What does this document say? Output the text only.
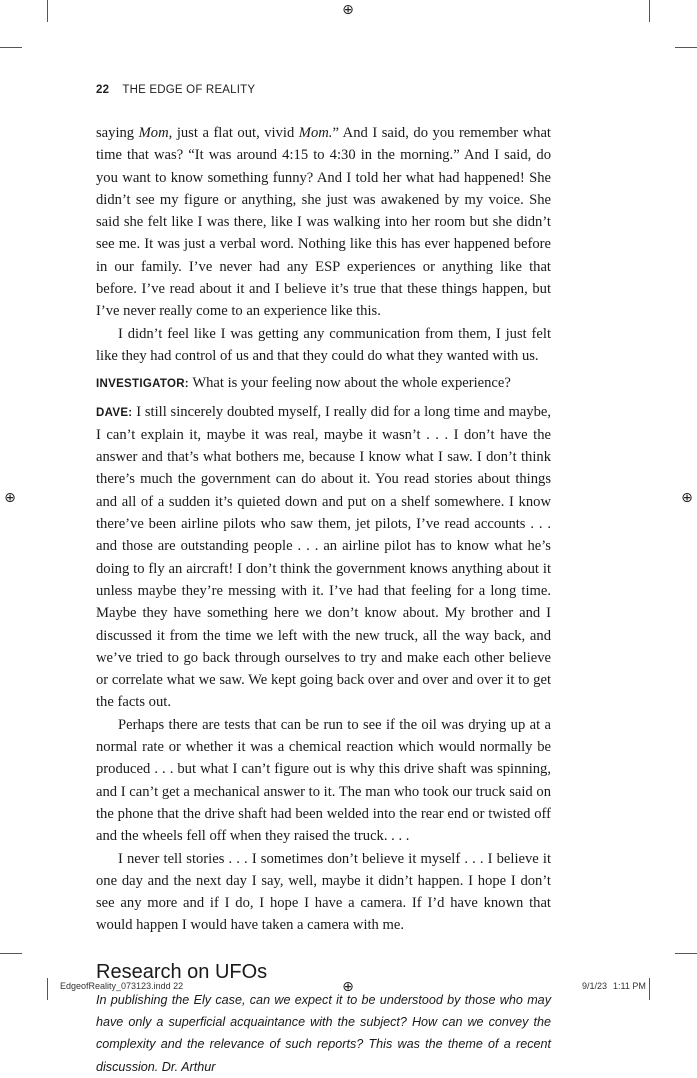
⊕
⊕	⊕
⊕
22 THE EDGE OF REALITY

saying Mom, just a flat out, vivid Mom.” And I said, do you remember what time that was? “It was around 4:15 to 4:30 in the morning.” And I said, do you want to know something funny? And I told her what had happened! She didn’t see my figure or anything, she just was awakened by my voice. She said she felt like I was there, like I was walking into her room but she didn’t see me. It was just a verbal word. Nothing like this has ever happened before in our family. I’ve never had any ESP experiences or anything like that before. I’ve read about it and I believe it’s true that these things happen, but I’ve never really come to an experience like this.

I didn’t feel like I was getting any communication from them, I just felt like they had control of us and that they could do what they wanted with us.

INVESTIGATOR: What is your feeling now about the whole experience?

DAVE: I still sincerely doubted myself, I really did for a long time and maybe, I can’t explain it, maybe it was real, maybe it wasn’t . . . I don’t have the answer and that’s what bothers me, because I know what I saw. I don’t think there’s much the government can do about it. You read stories about things and all of a sudden it’s quieted down and put on a shelf somewhere. I know there’ve been airline pilots who saw them, jet pilots, I’ve read accounts . . . and those are outstanding people . . . an airline pilot has to know what he’s doing to fly an aircraft! I don’t think the government knows anything about it unless maybe they’re messing with it. I’ve had that feeling for a long time. Maybe they have something here we don’t know about. My brother and I discussed it from the time we left with the new truck, all the way back, and we’ve tried to go back through ourselves to try and make each other believe or correlate what we saw. We kept going back over and over and over it to get the facts out.

Perhaps there are tests that can be run to see if the oil was drying up at a normal rate or whether it was a chemical reaction which would normally be produced . . . but what I can’t figure out is why this drive shaft was spinning, and I can’t get a mechanical answer to it. The man who took our truck said on the phone that the drive shaft had been welded into the rear end or twisted off and the wheels fell off when they raised the truck. . . .

I never tell stories . . . I sometimes don’t believe it myself . . . I believe it one day and the next day I say, well, maybe it didn’t happen. I hope I don’t see any more and if I do, I hope I have a camera. If I’d have known that would happen I would have taken a camera with me.

Research on UFOs

In publishing the Ely case, can we expect it to be understood by those who may have only a superficial acquaintance with the subject? How can we convey the complexity and the relevance of such reports? This was the theme of a recent discussion. Dr. Arthur

EdgeofReality_073123.indd 22	9/1/23 1:11 PM
